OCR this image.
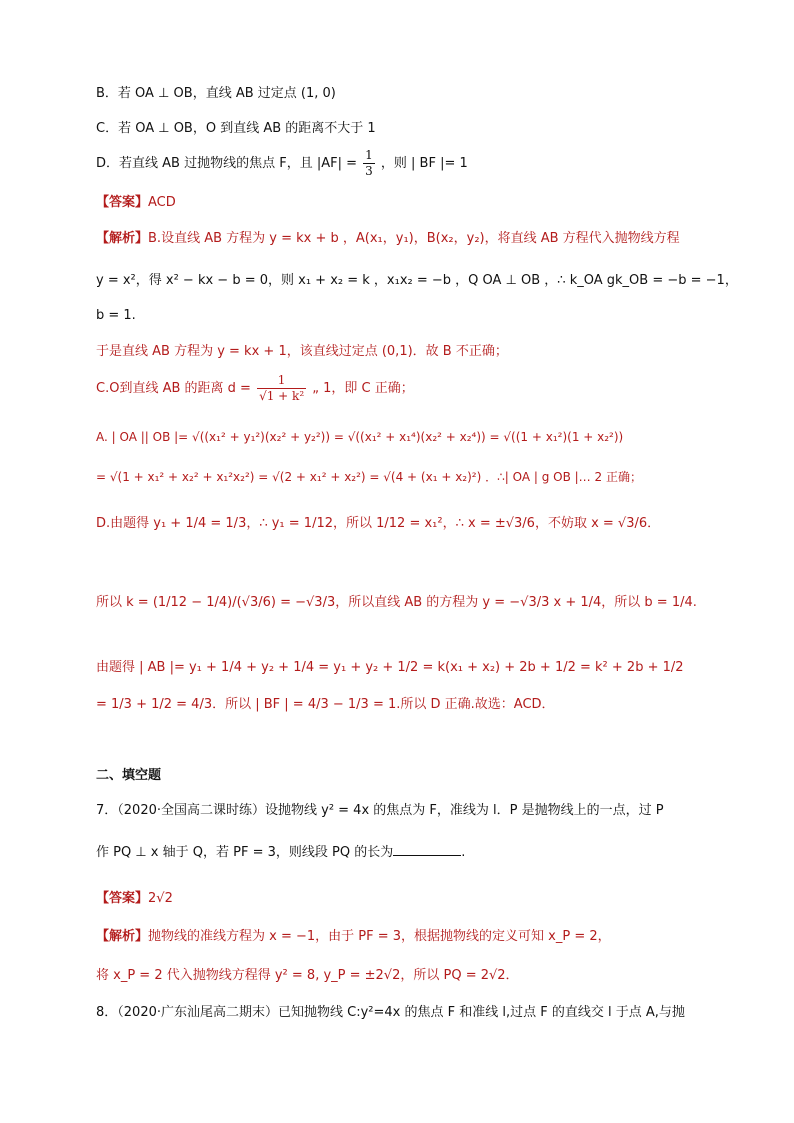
B．若 OA ⊥ OB，直线 AB 过定点 (1, 0)
C．若 OA ⊥ OB，O 到直线 AB 的距离不大于 1
D．若直线 AB 过抛物线的焦点 F，且 $|AF| = \frac{1}{3}$ ，则 | BF |= 1
【答案】ACD
【解析】B.设直线 AB 方程为 y = kx + b ，A(x₁，y₁)，B(x₂，y₂)，将直线 AB 方程代入抛物线方程
y = x²，得 x² − kx − b = 0，则 x₁ + x₂ = k ，x₁x₂ = −b ，Q OA ⊥ OB ，∴ k_OA gk_OB = −b = −1，
b = 1.
于是直线 AB 方程为 y = kx + 1，该直线过定点 (0,1)．故 B 不正确；
C.O到直线 AB 的距离 $d = \frac{1}{\text{√1 + k²}}$ „ 1，即 C 正确；
A. | OA || OB |= √((x₁² + y₁²)(x₂² + y₂²)) = √((x₁² + x₁⁴)(x₂² + x₂⁴)) = √((1 + x₁²)(1 + x₂²))
= √(1 + x₁² + x₂² + x₁²x₂²) = √(2 + x₁² + x₂²) = √(4 + (x₁ + x₂)²) ．∴| OA | g OB |… 2 正确；
D.由题得 y₁ + 1/4 = 1/3，∴ y₁ = 1/12，所以 1/12 = x₁²，∴ x = ±√3/6，不妨取 x = √3/6．
所以 k = (1/12 − 1/4)/(√3/6) = −√3/3，所以直线 AB 的方程为 y = −√3/3 x + 1/4，所以 b = 1/4.
由题得 | AB |= y₁ + 1/4 + y₂ + 1/4 = y₁ + y₂ + 1/2 = k(x₁ + x₂) + 2b + 1/2 = k² + 2b + 1/2
= 1/3 + 1/2 = 4/3．所以 | BF | = 4/3 − 1/3 = 1.所以 D 正确.故选：ACD．
二、填空题
7．（2020·全国高二课时练）设抛物线 y² = 4x 的焦点为 F，准线为 l．P 是抛物线上的一点，过 P
作 PQ ⊥ x 轴于 Q，若 PF = 3，则线段 PQ 的长为	.
【答案】2√2
【解析】抛物线的准线方程为 x = −1，由于 PF = 3，根据抛物线的定义可知 x_P = 2，
将 x_P = 2 代入抛物线方程得 y² = 8, y_P = ±2√2，所以 PQ = 2√2．
8．（2020·广东汕尾高二期末）已知抛物线 C:y²=4x 的焦点 F 和准线 l,过点 F 的直线交 l 于点 A,与抛
